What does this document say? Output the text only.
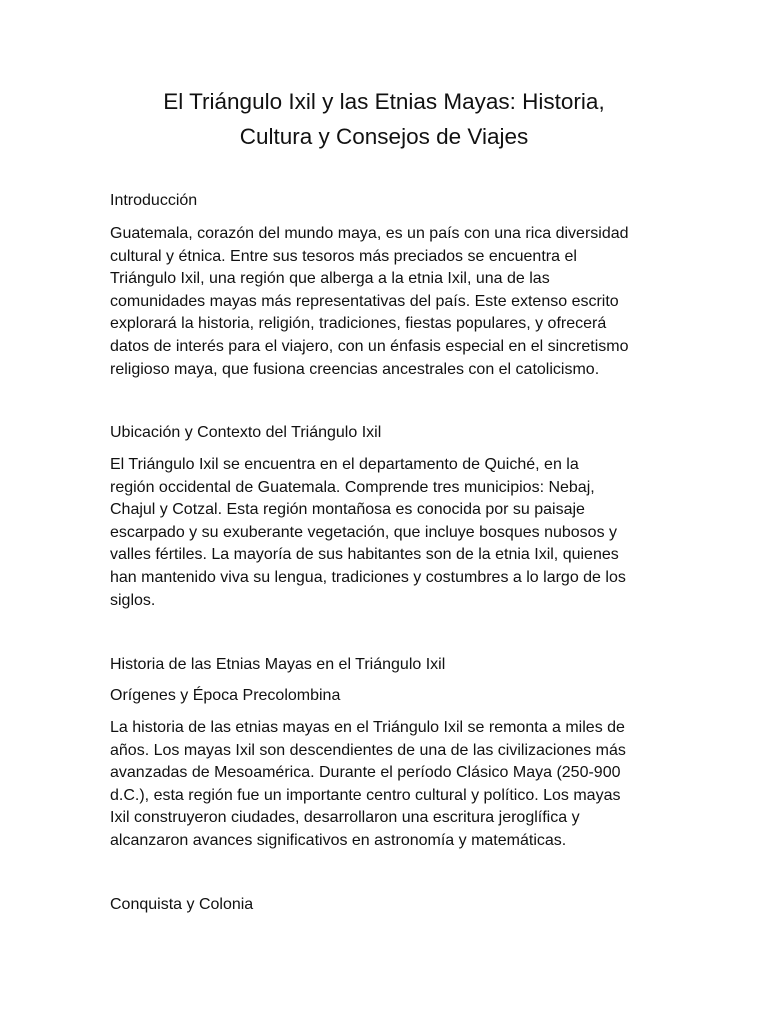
El Triángulo Ixil y las Etnias Mayas: Historia,
Cultura y Consejos de Viajes
Introducción

Guatemala, corazón del mundo maya, es un país con una rica diversidad
cultural y étnica. Entre sus tesoros más preciados se encuentra el
Triángulo Ixil, una región que alberga a la etnia Ixil, una de las
comunidades mayas más representativas del país. Este extenso escrito
explorará la historia, religión, tradiciones, fiestas populares, y ofrecerá
datos de interés para el viajero, con un énfasis especial en el sincretismo
religioso maya, que fusiona creencias ancestrales con el catolicismo.

Ubicación y Contexto del Triángulo Ixil

El Triángulo Ixil se encuentra en el departamento de Quiché, en la
región occidental de Guatemala. Comprende tres municipios: Nebaj,
Chajul y Cotzal. Esta región montañosa es conocida por su paisaje
escarpado y su exuberante vegetación, que incluye bosques nubosos y
valles fértiles. La mayoría de sus habitantes son de la etnia Ixil, quienes
han mantenido viva su lengua, tradiciones y costumbres a lo largo de los
siglos.

Historia de las Etnias Mayas en el Triángulo Ixil
Orígenes y Época Precolombina

La historia de las etnias mayas en el Triángulo Ixil se remonta a miles de
años. Los mayas Ixil son descendientes de una de las civilizaciones más
avanzadas de Mesoamérica. Durante el período Clásico Maya (250-900
d.C.), esta región fue un importante centro cultural y político. Los mayas
Ixil construyeron ciudades, desarrollaron una escritura jeroglífica y
alcanzaron avances significativos en astronomía y matemáticas.

Conquista y Colonia
